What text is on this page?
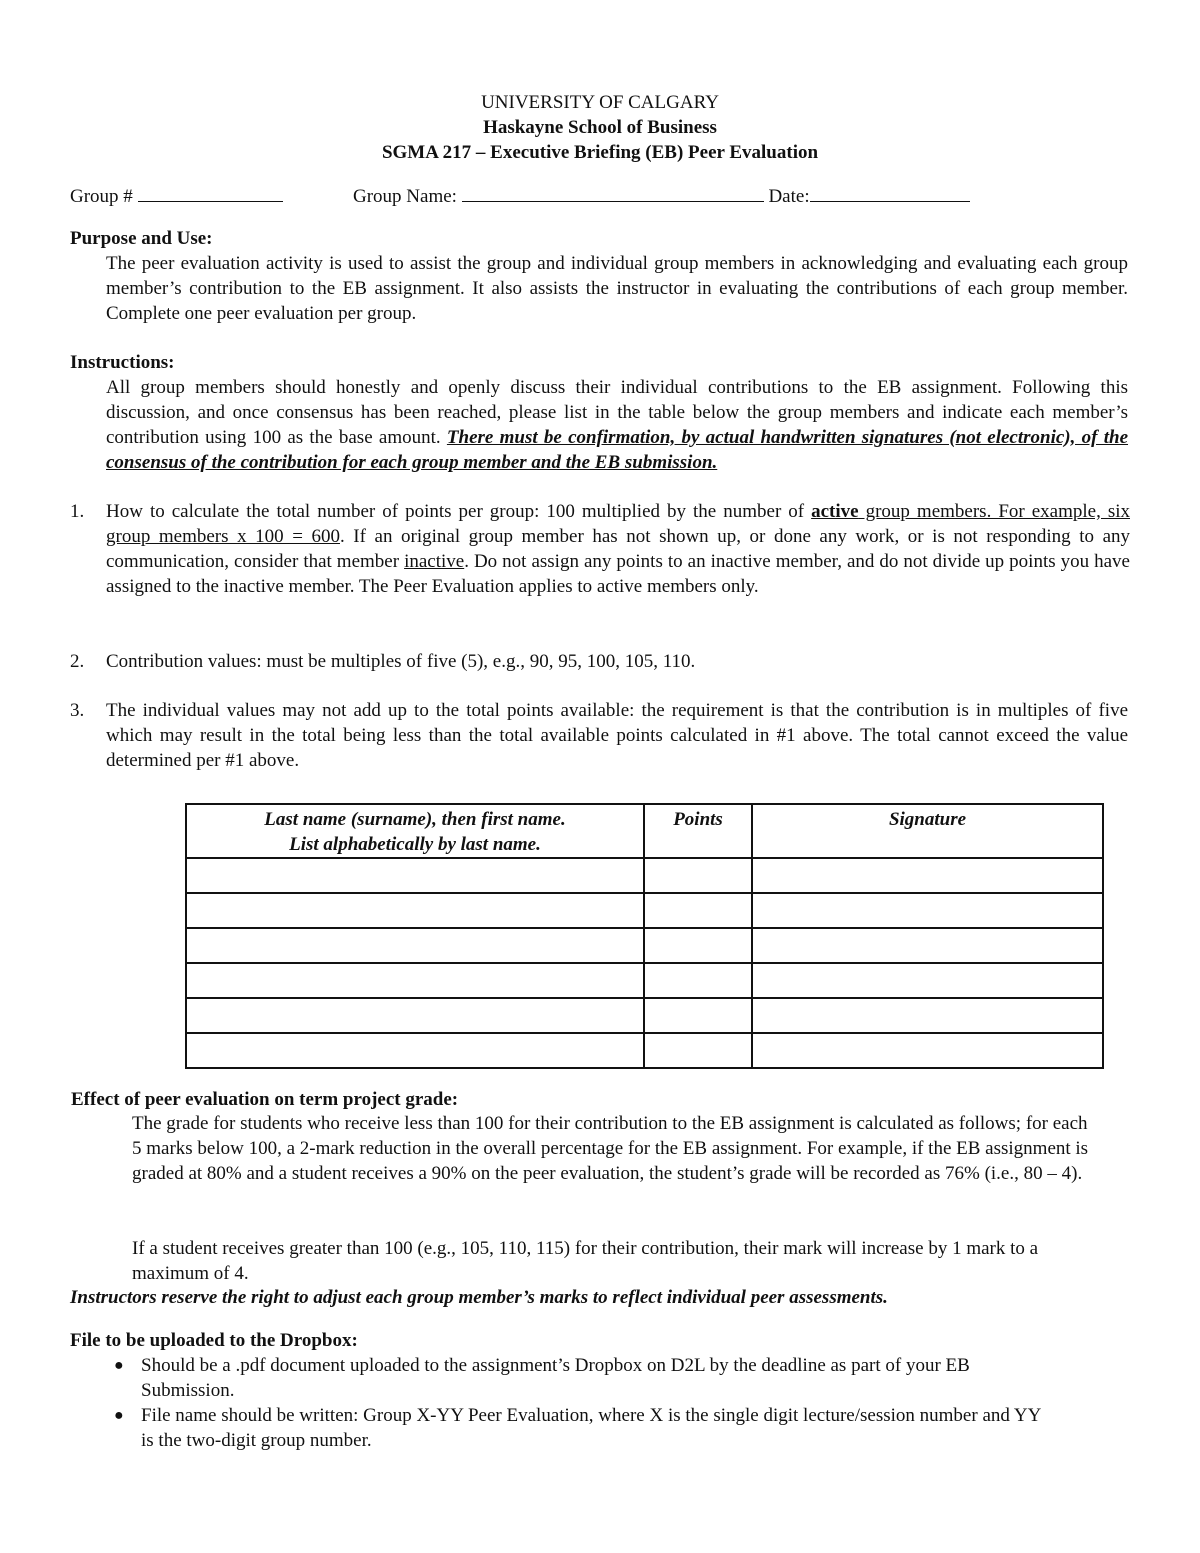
UNIVERSITY OF CALGARY
Haskayne School of Business
SGMA 217 – Executive Briefing (EB) Peer Evaluation
Group #	Group Name:	Date:
Purpose and Use:
The peer evaluation activity is used to assist the group and individual group members in acknowledging and evaluating each group member’s contribution to the EB assignment. It also assists the instructor in evaluating the contributions of each group member. Complete one peer evaluation per group.
Instructions:
All group members should honestly and openly discuss their individual contributions to the EB assignment. Following this discussion, and once consensus has been reached, please list in the table below the group members and indicate each member’s contribution using 100 as the base amount. There must be confirmation, by actual handwritten signatures (not electronic), of the consensus of the contribution for each group member and the EB submission.
1. How to calculate the total number of points per group: 100 multiplied by the number of active group members. For example, six group members x 100 = 600. If an original group member has not shown up, or done any work, or is not responding to any communication, consider that member inactive. Do not assign any points to an inactive member, and do not divide up points you have assigned to the inactive member. The Peer Evaluation applies to active members only.
2. Contribution values: must be multiples of five (5), e.g., 90, 95, 100, 105, 110.
3. The individual values may not add up to the total points available: the requirement is that the contribution is in multiples of five which may result in the total being less than the total available points calculated in #1 above. The total cannot exceed the value determined per #1 above.
Last name (surname), then first name.
List alphabetically by last name.	Points	Signature

Effect of peer evaluation on term project grade:
The grade for students who receive less than 100 for their contribution to the EB assignment is calculated as follows; for each 5 marks below 100, a 2-mark reduction in the overall percentage for the EB assignment. For example, if the EB assignment is graded at 80% and a student receives a 90% on the peer evaluation, the student’s grade will be recorded as 76% (i.e., 80 – 4).
If a student receives greater than 100 (e.g., 105, 110, 115) for their contribution, their mark will increase by 1 mark to a maximum of 4.
Instructors reserve the right to adjust each group member’s marks to reflect individual peer assessments.
File to be uploaded to the Dropbox:
● Should be a .pdf document uploaded to the assignment’s Dropbox on D2L by the deadline as part of your EB Submission.
● File name should be written: Group X-YY Peer Evaluation, where X is the single digit lecture/session number and YY is the two-digit group number.
